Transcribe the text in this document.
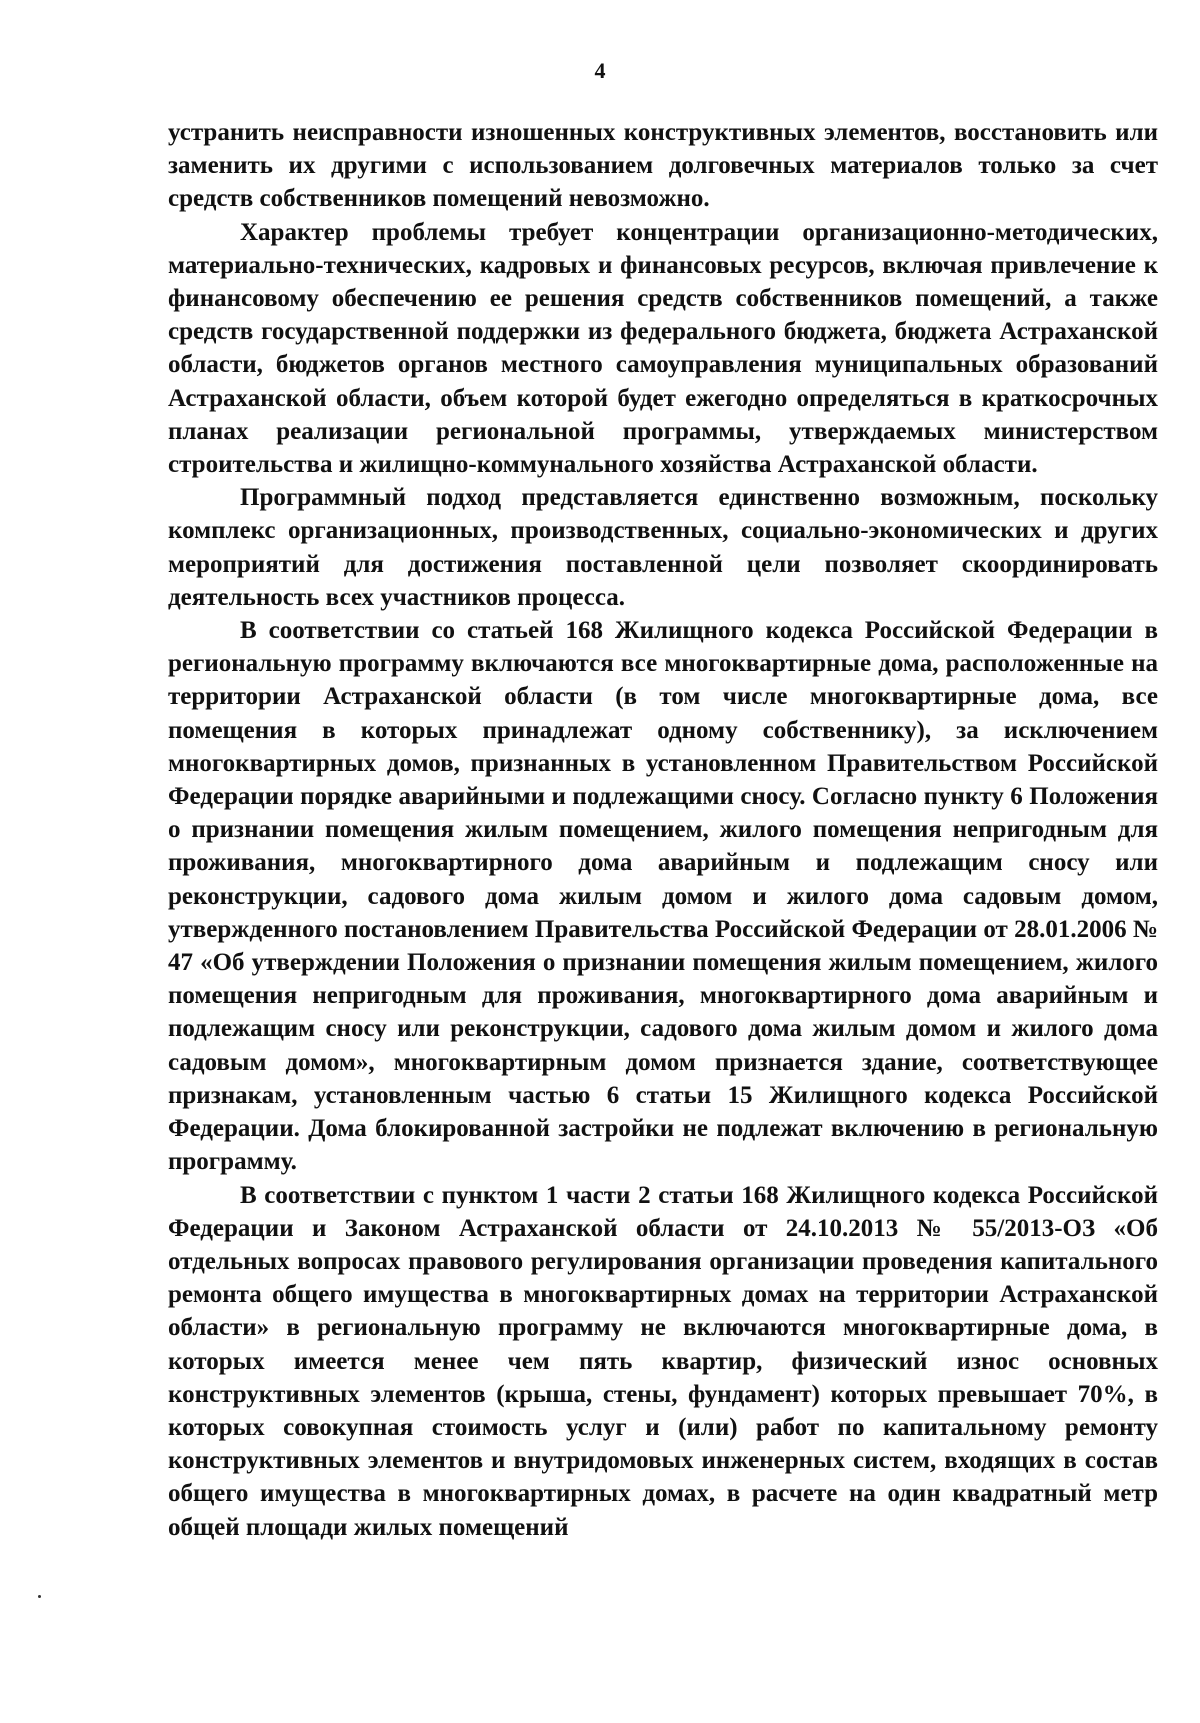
4

устранить неисправности изношенных конструктивных элементов, восстановить или заменить их другими с использованием долговечных материалов только за счет средств собственников помещений невозможно.

Характер проблемы требует концентрации организационно-методических, материально-технических, кадровых и финансовых ресурсов, включая привлечение к финансовому обеспечению ее решения средств собственников помещений, а также средств государственной поддержки из федерального бюджета, бюджета Астраханской области, бюджетов органов местного самоуправления муниципальных образований Астраханской области, объем которой будет ежегодно определяться в краткосрочных планах реализации региональной программы, утверждаемых министерством строительства и жилищно-коммунального хозяйства Астраханской области.

Программный подход представляется единственно возможным, поскольку комплекс организационных, производственных, социально-экономических и других мероприятий для достижения поставленной цели позволяет скоординировать деятельность всех участников процесса.

В соответствии со статьей 168 Жилищного кодекса Российской Федерации в региональную программу включаются все многоквартирные дома, расположенные на территории Астраханской области (в том числе многоквартирные дома, все помещения в которых принадлежат одному собственнику), за исключением многоквартирных домов, признанных в установленном Правительством Российской Федерации порядке аварийными и подлежащими сносу. Согласно пункту 6 Положения о признании помещения жилым помещением, жилого помещения непригодным для проживания, многоквартирного дома аварийным и подлежащим сносу или реконструкции, садового дома жилым домом и жилого дома садовым домом, утвержденного постановлением Правительства Российской Федерации от 28.01.2006 № 47 «Об утверждении Положения о признании помещения жилым помещением, жилого помещения непригодным для проживания, многоквартирного дома аварийным и подлежащим сносу или реконструкции, садового дома жилым домом и жилого дома садовым домом», многоквартирным домом признается здание, соответствующее признакам, установленным частью 6 статьи 15 Жилищного кодекса Российской Федерации. Дома блокированной застройки не подлежат включению в региональную программу.

В соответствии с пунктом 1 части 2 статьи 168 Жилищного кодекса Российской Федерации и Законом Астраханской области от 24.10.2013 № 55/2013-ОЗ «Об отдельных вопросах правового регулирования организации проведения капитального ремонта общего имущества в многоквартирных домах на территории Астраханской области» в региональную программу не включаются многоквартирные дома, в которых имеется менее чем пять квартир, физический износ основных конструктивных элементов (крыша, стены, фундамент) которых превышает 70%, в которых совокупная стоимость услуг и (или) работ по капитальному ремонту конструктивных элементов и внутридомовых инженерных систем, входящих в состав общего имущества в многоквартирных домах, в расчете на один квадратный метр общей площади жилых помещений
